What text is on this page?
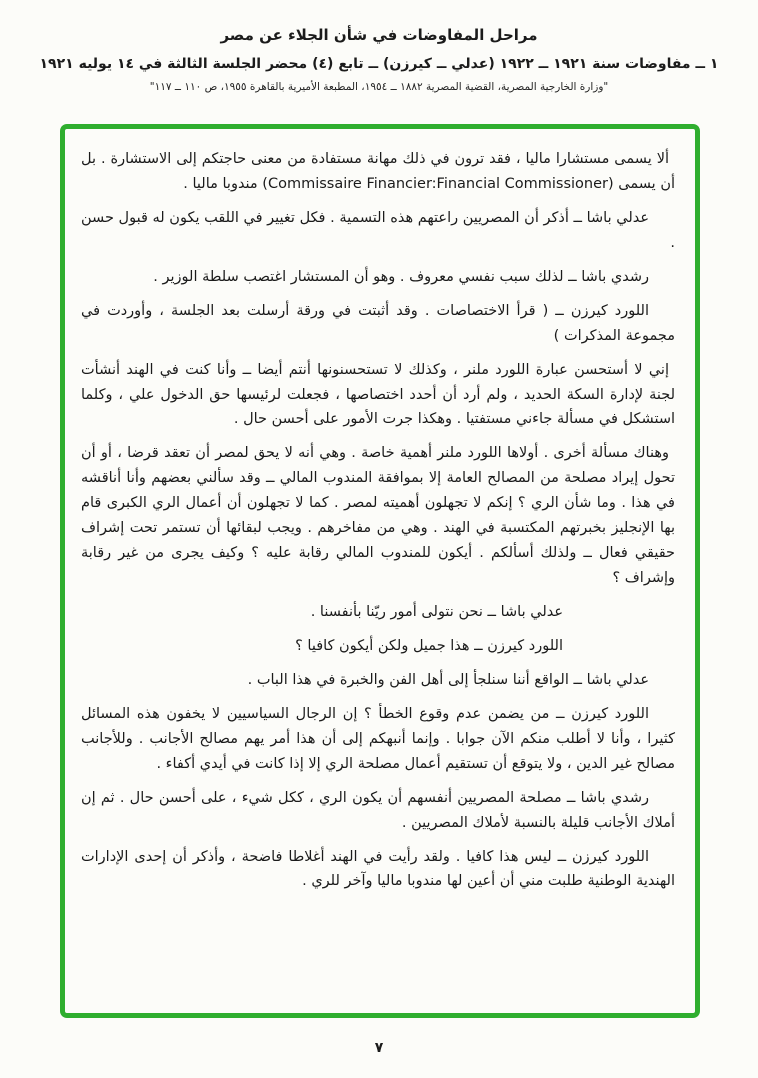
مراحل المفاوضات في شأن الجلاء عن مصر

١ ــ مفاوضات سنة ١٩٢١ ــ ١٩٢٢ (عدلي ــ كيرزن) ــ تابع (٤) محضر الجلسة الثالثة في ١٤ يوليه ١٩٢١

"وزارة الخارجية المصرية، القضية المصرية ١٨٨٢ ــ ١٩٥٤، المطبعة الأميرية بالقاهرة ١٩٥٥، ص ١١٠ ــ ١١٧"

ألا يسمى مستشارا ماليا ، فقد ترون في ذلك مهانة مستفادة من معنى حاجتكم إلى الاستشارة . بل أن يسمى (Commissaire Financier:Financial Commissioner) مندوبا ماليا .

عدلي باشا ــ أذكر أن المصريين راعتهم هذه التسمية . فكل تغيير في اللقب يكون له قبول حسن .

رشدي باشا ــ لذلك سبب نفسي معروف . وهو أن المستشار اغتصب سلطة الوزير .

اللورد كيرزن ــ ( قرأ الاختصاصات . وقد أثبتت في ورقة أرسلت بعد الجلسة ، وأوردت في مجموعة المذكرات )

إني لا أستحسن عبارة اللورد ملنر ، وكذلك لا تستحسنونها أنتم أيضا ــ وأنا كنت في الهند أنشأت لجنة لإدارة السكة الحديد ، ولم أرد أن أحدد اختصاصها ، فجعلت لرئيسها حق الدخول علي ، وكلما استشكل في مسألة جاءني مستفتيا . وهكذا جرت الأمور على أحسن حال .

وهناك مسألة أخرى . أولاها اللورد ملنر أهمية خاصة . وهي أنه لا يحق لمصر أن تعقد قرضا ، أو أن تحول إيراد مصلحة من المصالح العامة إلا بموافقة المندوب المالي ــ وقد سألني بعضهم وأنا أناقشه في هذا . وما شأن الري ؟ إنكم لا تجهلون أهميته لمصر . كما لا تجهلون أن أعمال الري الكبرى قام بها الإنجليز بخبرتهم المكتسبة في الهند . وهي من مفاخرهم . ويجب لبقائها أن تستمر تحت إشراف حقيقي فعال ــ ولذلك أسألكم . أيكون للمندوب المالي رقابة عليه ؟ وكيف يجرى من غير رقابة وإشراف ؟

عدلي باشا ــ نحن نتولى أمور ريّنا بأنفسنا .

اللورد كيرزن ــ هذا جميل ولكن أيكون كافيا ؟

عدلي باشا ــ الواقع أننا سنلجأ إلى أهل الفن والخبرة في هذا الباب .

اللورد كيرزن ــ من يضمن عدم وقوع الخطأ ؟ إن الرجال السياسيين لا يخفون هذه المسائل كثيرا ، وأنا لا أطلب منكم الآن جوابا . وإنما أنبهكم إلى أن هذا أمر يهم مصالح الأجانب . وللأجانب مصالح غير الدين ، ولا يتوقع أن تستقيم أعمال مصلحة الري إلا إذا كانت في أيدي أكفاء .

رشدي باشا ــ مصلحة المصريين أنفسهم أن يكون الري ، ككل شيء ، على أحسن حال . ثم إن أملاك الأجانب قليلة بالنسبة لأملاك المصريين .

اللورد كيرزن ــ ليس هذا كافيا . ولقد رأيت في الهند أغلاطا فاضحة ، وأذكر أن إحدى الإدارات الهندية الوطنية طلبت مني أن أعين لها مندوبا ماليا وآخر للري .

٧
